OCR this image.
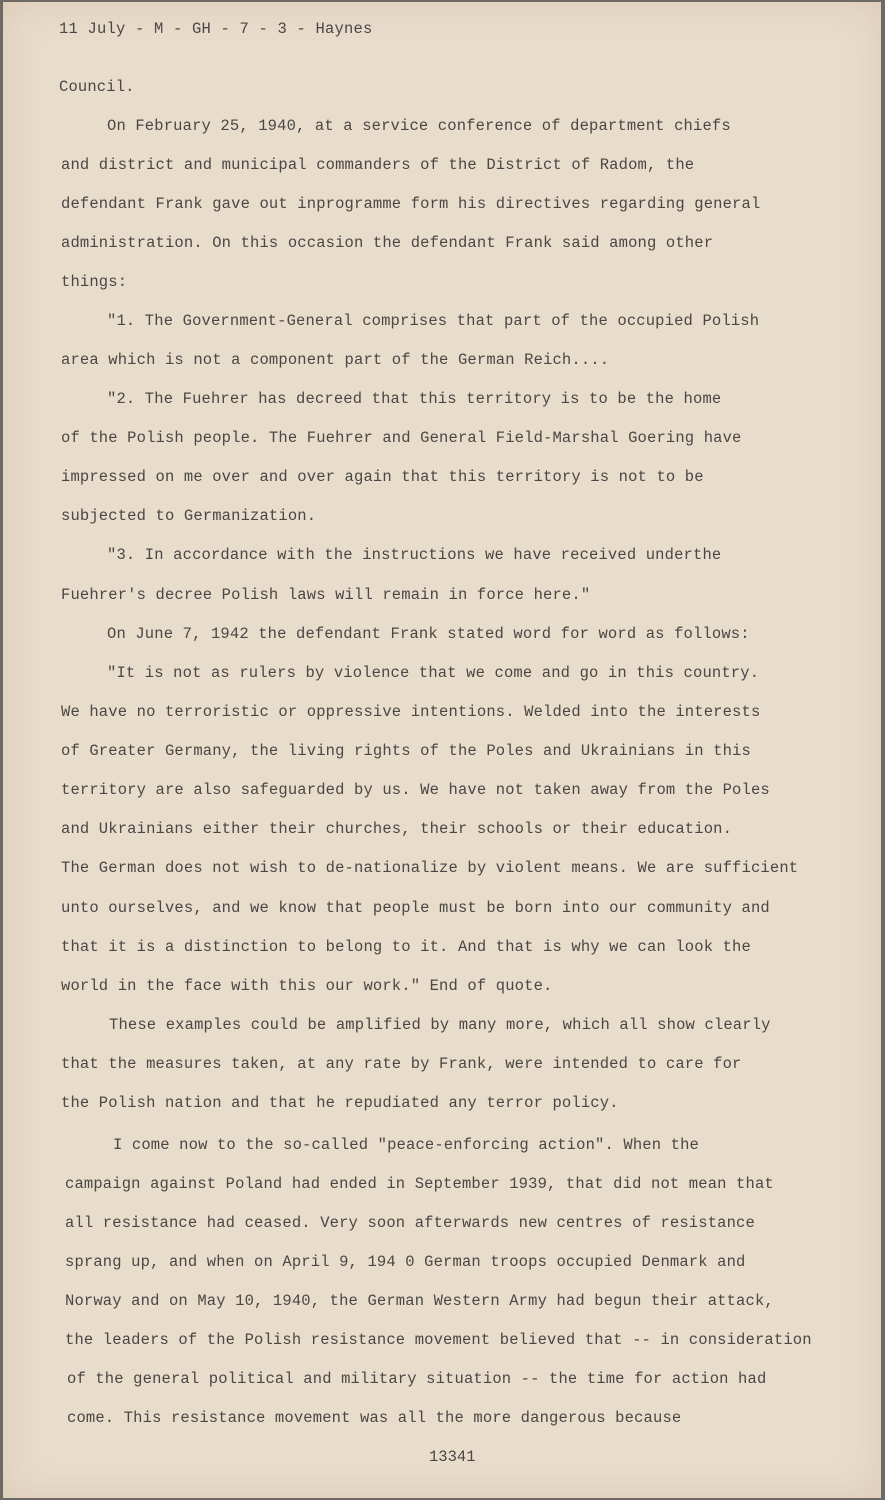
11 July - M - GH - 7 - 3 - Haynes
Council.
On February 25, 1940, at a service conference of department chiefs
and district and municipal commanders of the District of Radom, the
defendant Frank gave out inprogramme form his directives regarding general
administration. On this occasion the defendant Frank said among other
things:
"1. The Government-General comprises that part of the occupied Polish
area which is not a component part of the German Reich....
"2. The Fuehrer has decreed that this territory is to be the home
of the Polish people. The Fuehrer and General Field-Marshal Goering have
impressed on me over and over again that this territory is not to be
subjected to Germanization.
"3. In accordance with the instructions we have received underthe
Fuehrer's decree Polish laws will remain in force here."
On June 7, 1942 the defendant Frank stated word for word as follows:
"It is not as rulers by violence that we come and go in this country.
We have no terroristic or oppressive intentions. Welded into the interests
of Greater Germany, the living rights of the Poles and Ukrainians in this
territory are also safeguarded by us. We have not taken away from the Poles
and Ukrainians either their churches, their schools or their education.
The German does not wish to de-nationalize by violent means. We are sufficient
unto ourselves, and we know that people must be born into our community and
that it is a distinction to belong to it. And that is why we can look the
world in the face with this our work." End of quote.
These examples could be amplified by many more, which all show clearly
that the measures taken, at any rate by Frank, were intended to care for
the Polish nation and that he repudiated any terror policy.
I come now to the so-called "peace-enforcing action". When the
campaign against Poland had ended in September 1939, that did not mean that
all resistance had ceased. Very soon afterwards new centres of resistance
sprang up, and when on April 9, 194 0 German troops occupied Denmark and
Norway and on May 10, 1940, the German Western Army had begun their attack,
the leaders of the Polish resistance movement believed that -- in consideration
of the general political and military situation -- the time for action had
come. This resistance movement was all the more dangerous because
13341
